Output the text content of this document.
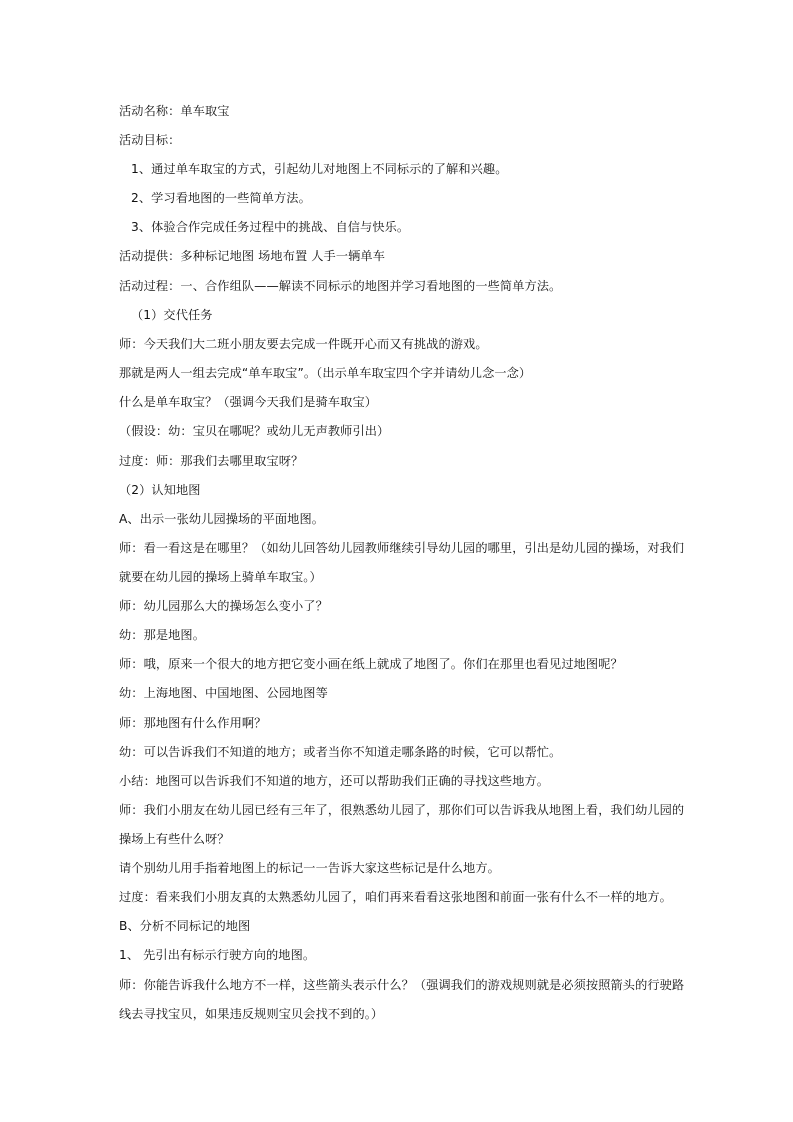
活动名称：单车取宝
活动目标：
1、通过单车取宝的方式，引起幼儿对地图上不同标示的了解和兴趣。
2、学习看地图的一些简单方法。
3、体验合作完成任务过程中的挑战、自信与快乐。
活动提供：多种标记地图 场地布置 人手一辆单车
活动过程：一、合作组队——解读不同标示的地图并学习看地图的一些简单方法。
（1）交代任务
师：今天我们大二班小朋友要去完成一件既开心而又有挑战的游戏。
那就是两人一组去完成“单车取宝”。（出示单车取宝四个字并请幼儿念一念）
什么是单车取宝？（强调今天我们是骑车取宝）
（假设：幼：宝贝在哪呢？或幼儿无声教师引出）
过度：师：那我们去哪里取宝呀？
（2）认知地图
A、出示一张幼儿园操场的平面地图。
师：看一看这是在哪里？（如幼儿回答幼儿园教师继续引导幼儿园的哪里，引出是幼儿园的操场，对我们
就要在幼儿园的操场上骑单车取宝。）
师：幼儿园那么大的操场怎么变小了？
幼：那是地图。
师：哦，原来一个很大的地方把它变小画在纸上就成了地图了。你们在那里也看见过地图呢？
幼：上海地图、中国地图、公园地图等
师：那地图有什么作用啊？
幼：可以告诉我们不知道的地方；或者当你不知道走哪条路的时候，它可以帮忙。
小结：地图可以告诉我们不知道的地方，还可以帮助我们正确的寻找这些地方。
师：我们小朋友在幼儿园已经有三年了，很熟悉幼儿园了，那你们可以告诉我从地图上看，我们幼儿园的
操场上有些什么呀？
请个别幼儿用手指着地图上的标记一一告诉大家这些标记是什么地方。
过度：看来我们小朋友真的太熟悉幼儿园了，咱们再来看看这张地图和前面一张有什么不一样的地方。
B、分析不同标记的地图
1、 先引出有标示行驶方向的地图。
师：你能告诉我什么地方不一样，这些箭头表示什么？（强调我们的游戏规则就是必须按照箭头的行驶路
线去寻找宝贝，如果违反规则宝贝会找不到的。）
